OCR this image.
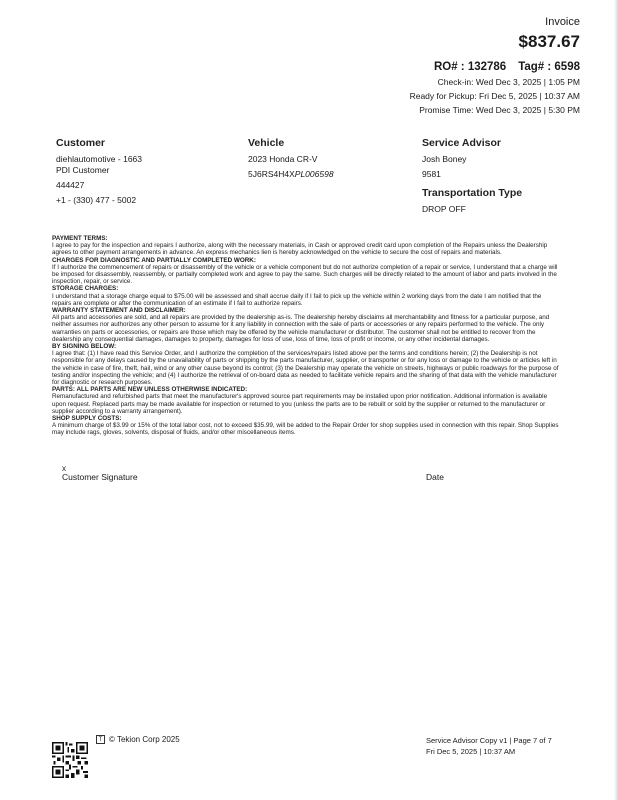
Invoice
$837.67
RO# : 132786 Tag# : 6598
Check-in: Wed Dec 3, 2025 | 1:05 PM
Ready for Pickup: Fri Dec 5, 2025 | 10:37 AM
Promise Time: Wed Dec 3, 2025 | 5:30 PM
Customer
diehlautomotive - 1663
PDI Customer
444427
+1 - (330) 477 - 5002
Vehicle
2023 Honda CR-V
5J6RS4H4XPL006598
Service Advisor
Josh Boney
9581
Transportation Type
DROP OFF
PAYMENT TERMS:
I agree to pay for the inspection and repairs I authorize, along with the necessary materials, in Cash or approved credit card upon completion of the Repairs unless the Dealership agrees to other payment arrangements in advance. An express mechanics lien is hereby acknowledged on the vehicle to secure the cost of repairs and materials.
CHARGES FOR DIAGNOSTIC AND PARTIALLY COMPLETED WORK:
If I authorize the commencement of repairs or disassembly of the vehicle or a vehicle component but do not authorize completion of a repair or service, I understand that a charge will be imposed for disassembly, reassembly, or partially completed work and agree to pay the same. Such charges will be directly related to the amount of labor and parts involved in the inspection, repair, or service.
STORAGE CHARGES:
I understand that a storage charge equal to $75.00 will be assessed and shall accrue daily if I fail to pick up the vehicle within 2 working days from the date I am notified that the repairs are complete or after the communication of an estimate if I fail to authorize repairs.
WARRANTY STATEMENT AND DISCLAIMER:
All parts and accessories are sold, and all repairs are provided by the dealership as-is. The dealership hereby disclaims all merchantability and fitness for a particular purpose, and neither assumes nor authorizes any other person to assume for it any liability in connection with the sale of parts or accessories or any repairs performed to the vehicle. The only warranties on parts or accessories, or repairs are those which may be offered by the vehicle manufacturer or distributor. The customer shall not be entitled to recover from the dealership any consequential damages, damages to property, damages for loss of use, loss of time, loss of profit or income, or any other incidental damages.
BY SIGNING BELOW:
I agree that: (1) I have read this Service Order, and I authorize the completion of the services/repairs listed above per the terms and conditions herein; (2) the Dealership is not responsible for any delays caused by the unavailability of parts or shipping by the parts manufacturer, supplier, or transporter or for any loss or damage to the vehicle or articles left in the vehicle in case of fire, theft, hail, wind or any other cause beyond its control; (3) the Dealership may operate the vehicle on streets, highways or public roadways for the purpose of testing and/or inspecting the vehicle; and (4) I authorize the retrieval of on-board data as needed to facilitate vehicle repairs and the sharing of that data with the vehicle manufacturer for diagnostic or research purposes.
PARTS: ALL PARTS ARE NEW UNLESS OTHERWISE INDICATED:
Remanufactured and refurbished parts that meet the manufacturer's approved source part requirements may be installed upon prior notification. Additional information is available upon request. Replaced parts may be made available for inspection or returned to you (unless the parts are to be rebuilt or sold by the supplier or returned to the manufacturer or supplier according to a warranty arrangement).
SHOP SUPPLY COSTS:
A minimum charge of $3.99 or 15% of the total labor cost, not to exceed $35.99, will be added to the Repair Order for shop supplies used in connection with this repair. Shop Supplies may include rags, gloves, solvents, disposal of fluids, and/or other miscellaneous items.
x
Customer Signature	Date
T © Tekion Corp 2025	Service Advisor Copy v1 | Page 7 of 7
Fri Dec 5, 2025 | 10:37 AM
